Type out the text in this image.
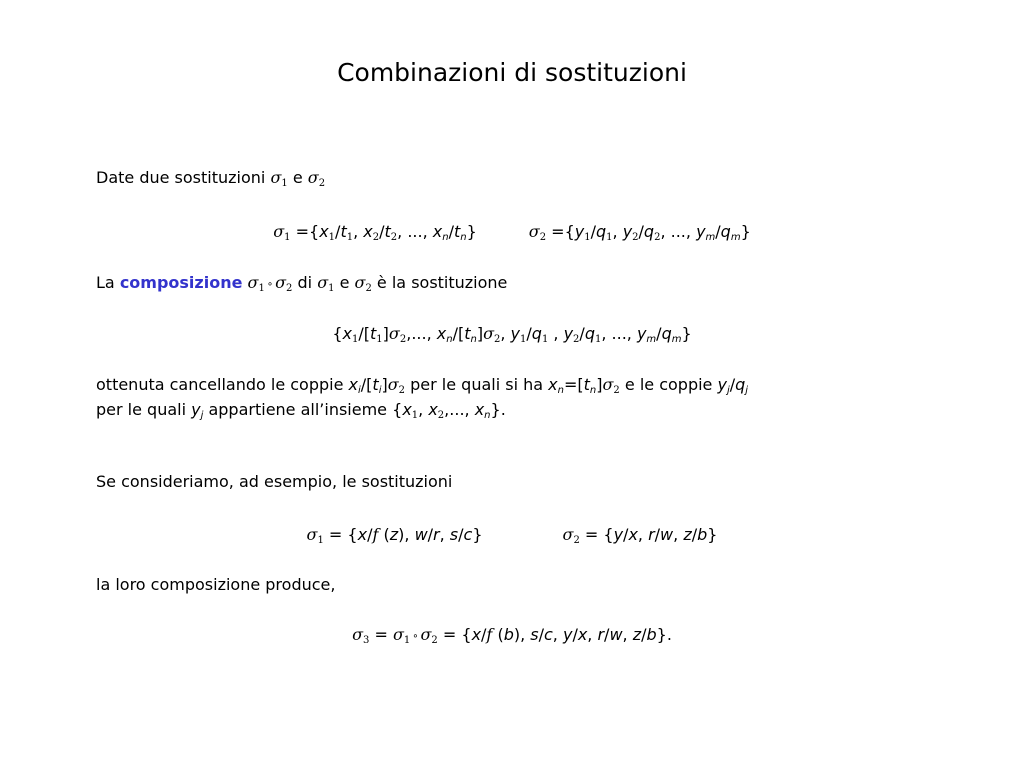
Combinazioni di sostituzioni
Date due sostituzioni $\sigma_1$ e $\sigma_2$
$\sigma_1 =\{x_1/t_1$, $x_2/t_2$, ..., $x_n/t_n$}	$\sigma_2 =\{y_1/q_1$, $y_2/q_2$, ..., $y_m/q_m$}
La composizione $\sigma_1$ ∘ $\sigma_2$ di $\sigma_1$ e $\sigma_2$ è la sostituzione
{$x_1/[t_1]\sigma_2$,..., $x_n/[t_n]\sigma_2$, $y_1/q_1$ , $y_2/q_1$, ..., $y_m/q_m$}
ottenuta cancellando le coppie $x_i/[t_i]\sigma_2$ per le quali si ha $x_n=[t_n]\sigma_2$ e le coppie $y_j/q_j$
per le quali $y_j$ appartiene all’insieme {$x_1$, $x_2$,..., $x_n$}.
Se consideriamo, ad esempio, le sostituzioni
$\sigma_1 = \{x/f$ (z), w/r, s/c}	$\sigma_2 = \{y/x$, r/w, z/b}
la loro composizione produce,
$\sigma_3 = \sigma_1$ ∘ $\sigma_2 = \{x/f$ (b), s/c, y/x, r/w, z/b}.
